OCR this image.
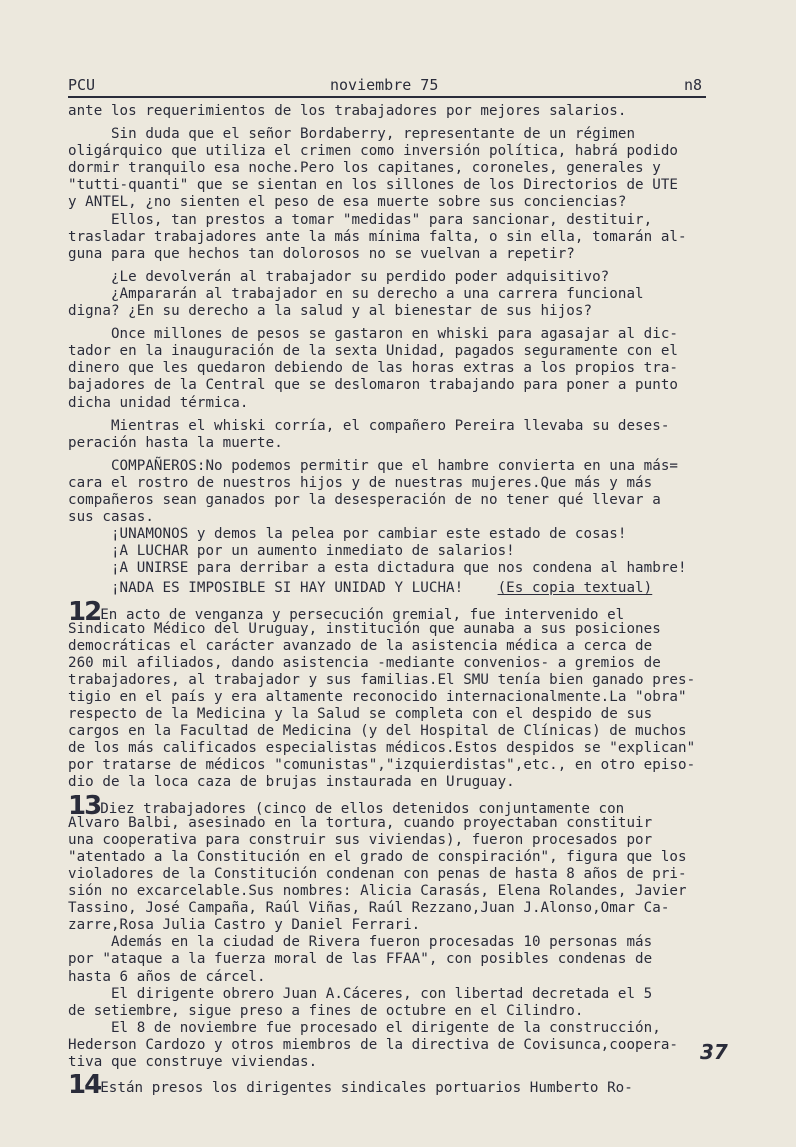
PCU	noviembre 75	n8
ante los requerimientos de los trabajadores por mejores salarios.
Sin duda que el señor Bordaberry, representante de un régimen
oligárquico que utiliza el crimen como inversión política, habrá podido
dormir tranquilo esa noche.Pero los capitanes, coroneles, generales y
"tutti-quanti" que se sientan en los sillones de los Directorios de UTE
y ANTEL, ¿no sienten el peso de esa muerte sobre sus conciencias?
Ellos, tan prestos a tomar "medidas" para sancionar, destituir,
trasladar trabajadores ante la más mínima falta, o sin ella, tomarán al-
guna para que hechos tan dolorosos no se vuelvan a repetir?
¿Le devolverán al trabajador su perdido poder adquisitivo?
¿Ampararán al trabajador en su derecho a una carrera funcional
digna? ¿En su derecho a la salud y al bienestar de sus hijos?
Once millones de pesos se gastaron en whiski para agasajar al dic-
tador en la inauguración de la sexta Unidad, pagados seguramente con el
dinero que les quedaron debiendo de las horas extras a los propios tra-
bajadores de la Central que se deslomaron trabajando para poner a punto
dicha unidad térmica.
Mientras el whiski corría, el compañero Pereira llevaba su deses-
peración hasta la muerte.
COMPAÑEROS:No podemos permitir que el hambre convierta en una más=
cara el rostro de nuestros hijos y de nuestras mujeres.Que más y más
compañeros sean ganados por la desesperación de no tener qué llevar a
sus casas.
¡UNAMONOS y demos la pelea por cambiar este estado de cosas!
¡A LUCHAR por un aumento inmediato de salarios!
¡A UNIRSE para derribar a esta dictadura que nos condena al hambre!
¡NADA ES IMPOSIBLE SI HAY UNIDAD Y LUCHA!    (Es copia textual)
12En acto de venganza y persecución gremial, fue intervenido el
Sindicato Médico del Uruguay, institución que aunaba a sus posiciones
democráticas el carácter avanzado de la asistencia médica a cerca de
260 mil afiliados, dando asistencia -mediante convenios- a gremios de
trabajadores, al trabajador y sus familias.El SMU tenía bien ganado pres-
tigio en el país y era altamente reconocido internacionalmente.La "obra"
respecto de la Medicina y la Salud se completa con el despido de sus
cargos en la Facultad de Medicina (y del Hospital de Clínicas) de muchos
de los más calificados especialistas médicos.Estos despidos se "explican"
por tratarse de médicos "comunistas","izquierdistas",etc., en otro episo-
dio de la loca caza de brujas instaurada en Uruguay.
13Diez trabajadores (cinco de ellos detenidos conjuntamente con
Alvaro Balbi, asesinado en la tortura, cuando proyectaban constituir
una cooperativa para construir sus viviendas), fueron procesados por
"atentado a la Constitución en el grado de conspiración", figura que los
violadores de la Constitución condenan con penas de hasta 8 años de pri-
sión no excarcelable.Sus nombres: Alicia Carasás, Elena Rolandes, Javier
Tassino, José Campaña, Raúl Viñas, Raúl Rezzano,Juan J.Alonso,Omar Ca-
zarre,Rosa Julia Castro y Daniel Ferrari.
Además en la ciudad de Rivera fueron procesadas 10 personas más
por "ataque a la fuerza moral de las FFAA", con posibles condenas de
hasta 6 años de cárcel.
El dirigente obrero Juan A.Cáceres, con libertad decretada el 5
de setiembre, sigue preso a fines de octubre en el Cilindro.
El 8 de noviembre fue procesado el dirigente de la construcción,
Hederson Cardozo y otros miembros de la directiva de Covisunca,coopera-
tiva que construye viviendas.
14Están presos los dirigentes sindicales portuarios Humberto Ro-
37
